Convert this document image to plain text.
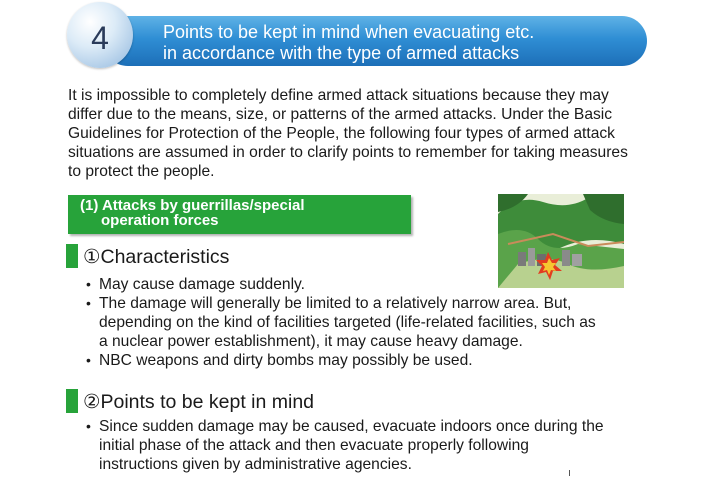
Points to be kept in mind when evacuating etc.
in accordance with the type of armed attacks
4
It is impossible to completely define armed attack situations because they may
differ due to the means, size, or patterns of the armed attacks. Under the Basic
Guidelines for Protection of the People, the following four types of armed attack
situations are assumed in order to clarify points to remember for taking measures
to protect the people.
(1) Attacks by guerrillas/special
operation forces
①Characteristics
• May cause damage suddenly.
• The damage will generally be limited to a relatively narrow area. But,
depending on the kind of facilities targeted (life-related facilities, such as
a nuclear power establishment), it may cause heavy damage.
• NBC weapons and dirty bombs may possibly be used.
②Points to be kept in mind
• Since sudden damage may be caused, evacuate indoors once during the
initial phase of the attack and then evacuate properly following
instructions given by administrative agencies.
